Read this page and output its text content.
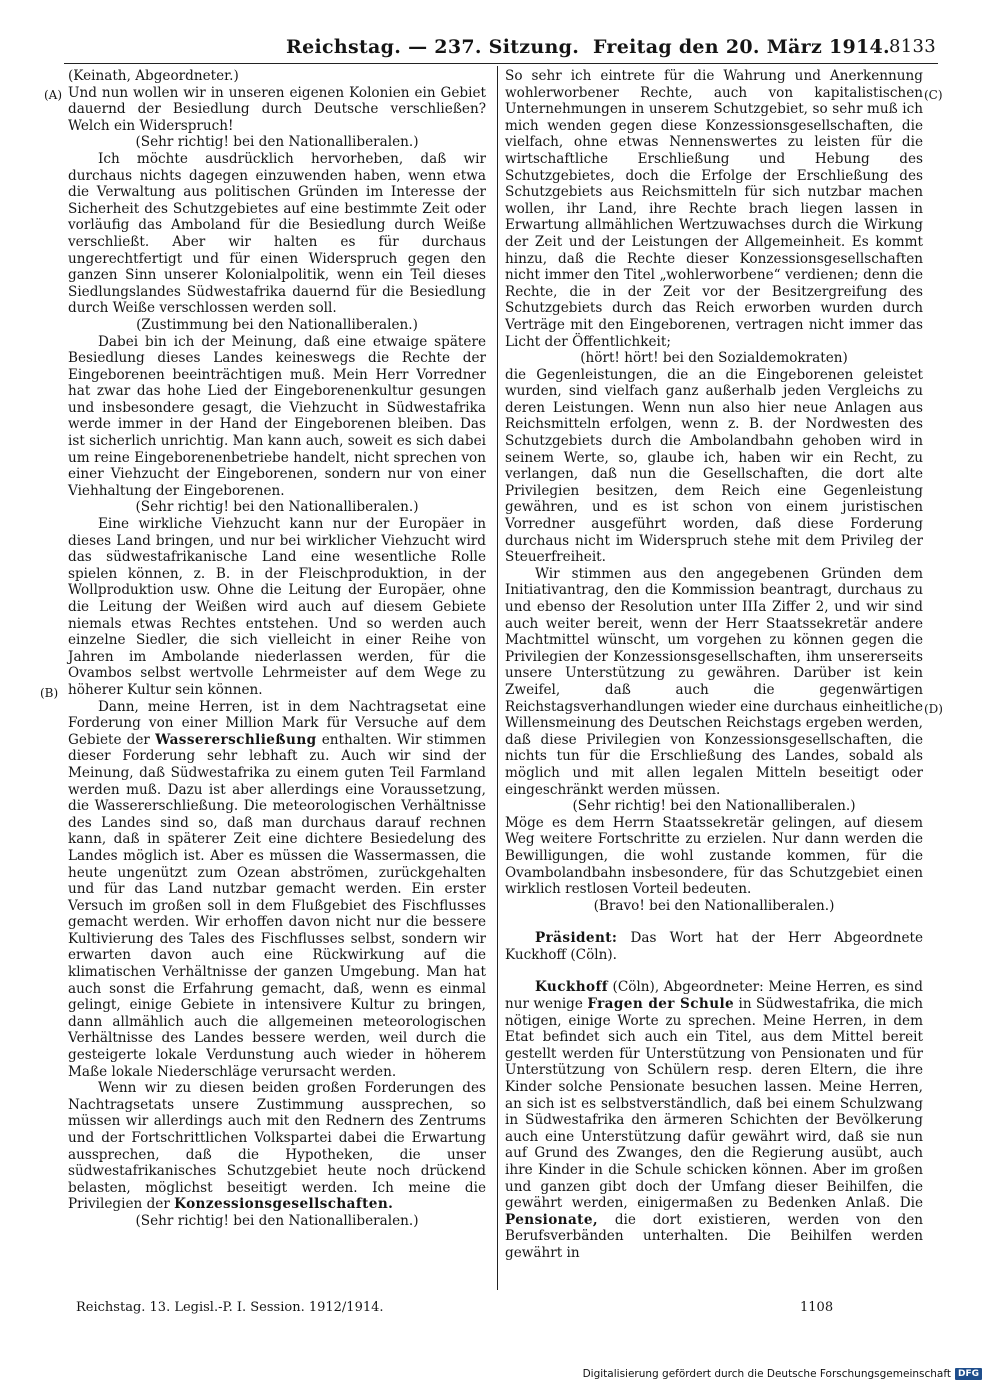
Reichstag. — 237. Sitzung. Freitag den 20. März 1914. 8133
(A)
(B)
(C)
(D)

(Keinath, Abgeordneter.)

Und nun wollen wir in unseren eigenen Kolonien ein Gebiet dauernd der Besiedlung durch Deutsche verschließen? Welch ein Widerspruch!

(Sehr richtig! bei den Nationalliberalen.)

Ich möchte ausdrücklich hervorheben, daß wir durchaus nichts dagegen einzuwenden haben, wenn etwa die Verwaltung aus politischen Gründen im Interesse der Sicherheit des Schutzgebietes auf eine bestimmte Zeit oder vorläufig das Amboland für die Besiedlung durch Weiße verschließt. Aber wir halten es für durchaus ungerechtfertigt und für einen Widerspruch gegen den ganzen Sinn unserer Kolonialpolitik, wenn ein Teil dieses Siedlungslandes Südwestafrika dauernd für die Besiedlung durch Weiße verschlossen werden soll.

(Zustimmung bei den Nationalliberalen.)

Dabei bin ich der Meinung, daß eine etwaige spätere Besiedlung dieses Landes keineswegs die Rechte der Eingeborenen beeinträchtigen muß. Mein Herr Vorredner hat zwar das hohe Lied der Eingeborenenkultur gesungen und insbesondere gesagt, die Viehzucht in Südwestafrika werde immer in der Hand der Eingeborenen bleiben. Das ist sicherlich unrichtig. Man kann auch, soweit es sich dabei um reine Eingeborenenbetriebe handelt, nicht sprechen von einer Viehzucht der Eingeborenen, sondern nur von einer Viehhaltung der Eingeborenen.

(Sehr richtig! bei den Nationalliberalen.)

Eine wirkliche Viehzucht kann nur der Europäer in dieses Land bringen, und nur bei wirklicher Viehzucht wird das südwestafrikanische Land eine wesentliche Rolle spielen können, z. B. in der Fleischproduktion, in der Wollproduktion usw. Ohne die Leitung der Europäer, ohne die Leitung der Weißen wird auch auf diesem Gebiete niemals etwas Rechtes entstehen. Und so werden auch einzelne Siedler, die sich vielleicht in einer Reihe von Jahren im Ambolande niederlassen werden, für die Ovambos selbst wertvolle Lehrmeister auf dem Wege zu höherer Kultur sein können.

Dann, meine Herren, ist in dem Nachtragsetat eine Forderung von einer Million Mark für Versuche auf dem Gebiete der Wassererschließung enthalten. Wir stimmen dieser Forderung sehr lebhaft zu. Auch wir sind der Meinung, daß Südwestafrika zu einem guten Teil Farmland werden muß. Dazu ist aber allerdings eine Voraussetzung, die Wassererschließung. Die meteorologischen Verhältnisse des Landes sind so, daß man durchaus darauf rechnen kann, daß in späterer Zeit eine dichtere Besiedelung des Landes möglich ist. Aber es müssen die Wassermassen, die heute ungenützt zum Ozean abströmen, zurückgehalten und für das Land nutzbar gemacht werden. Ein erster Versuch im großen soll in dem Flußgebiet des Fischflusses gemacht werden. Wir erhoffen davon nicht nur die bessere Kultivierung des Tales des Fischflusses selbst, sondern wir erwarten davon auch eine Rückwirkung auf die klimatischen Verhältnisse der ganzen Umgebung. Man hat auch sonst die Erfahrung gemacht, daß, wenn es einmal gelingt, einige Gebiete in intensivere Kultur zu bringen, dann allmählich auch die allgemeinen meteorologischen Verhältnisse des Landes bessere werden, weil durch die gesteigerte lokale Verdunstung auch wieder in höherem Maße lokale Niederschläge verursacht werden.

Wenn wir zu diesen beiden großen Forderungen des Nachtragsetats unsere Zustimmung aussprechen, so müssen wir allerdings auch mit den Rednern des Zentrums und der Fortschrittlichen Volkspartei dabei die Erwartung aussprechen, daß die Hypotheken, die unser südwestafrikanisches Schutzgebiet heute noch drückend belasten, möglichst beseitigt werden. Ich meine die Privilegien der Konzessionsgesellschaften.

(Sehr richtig! bei den Nationalliberalen.)

So sehr ich eintrete für die Wahrung und Anerkennung wohlerworbener Rechte, auch von kapitalistischen Unternehmungen in unserem Schutzgebiet, so sehr muß ich mich wenden gegen diese Konzessionsgesellschaften, die vielfach, ohne etwas Nennenswertes zu leisten für die wirtschaftliche Erschließung und Hebung des Schutzgebietes, doch die Erfolge der Erschließung des Schutzgebiets aus Reichsmitteln für sich nutzbar machen wollen, ihr Land, ihre Rechte brach liegen lassen in Erwartung allmählichen Wertzuwachses durch die Wirkung der Zeit und der Leistungen der Allgemeinheit. Es kommt hinzu, daß die Rechte dieser Konzessionsgesellschaften nicht immer den Titel „wohlerworbene“ verdienen; denn die Rechte, die in der Zeit vor der Besitzergreifung des Schutzgebiets durch das Reich erworben wurden durch Verträge mit den Eingeborenen, vertragen nicht immer das Licht der Öffentlichkeit;

(hört! hört! bei den Sozialdemokraten)

die Gegenleistungen, die an die Eingeborenen geleistet wurden, sind vielfach ganz außerhalb jeden Vergleichs zu deren Leistungen. Wenn nun also hier neue Anlagen aus Reichsmitteln erfolgen, wenn z. B. der Nordwesten des Schutzgebiets durch die Ambolandbahn gehoben wird in seinem Werte, so, glaube ich, haben wir ein Recht, zu verlangen, daß nun die Gesellschaften, die dort alte Privilegien besitzen, dem Reich eine Gegenleistung gewähren, und es ist schon von einem juristischen Vorredner ausgeführt worden, daß diese Forderung durchaus nicht im Widerspruch stehe mit dem Privileg der Steuerfreiheit.

Wir stimmen aus den angegebenen Gründen dem Initiativantrag, den die Kommission beantragt, durchaus zu und ebenso der Resolution unter IIIa Ziffer 2, und wir sind auch weiter bereit, wenn der Herr Staatssekretär andere Machtmittel wünscht, um vorgehen zu können gegen die Privilegien der Konzessionsgesellschaften, ihm unsererseits unsere Unterstützung zu gewähren. Darüber ist kein Zweifel, daß auch die gegenwärtigen Reichstagsverhandlungen wieder eine durchaus einheitliche Willensmeinung des Deutschen Reichstags ergeben werden, daß diese Privilegien von Konzessionsgesellschaften, die nichts tun für die Erschließung des Landes, sobald als möglich und mit allen legalen Mitteln beseitigt oder eingeschränkt werden müssen.

(Sehr richtig! bei den Nationalliberalen.)

Möge es dem Herrn Staatssekretär gelingen, auf diesem Weg weitere Fortschritte zu erzielen. Nur dann werden die Bewilligungen, die wohl zustande kommen, für die Ovambolandbahn insbesondere, für das Schutzgebiet einen wirklich restlosen Vorteil bedeuten.

(Bravo! bei den Nationalliberalen.)

Präsident: Das Wort hat der Herr Abgeordnete Kuckhoff (Cöln).

Kuckhoff (Cöln), Abgeordneter: Meine Herren, es sind nur wenige Fragen der Schule in Südwestafrika, die mich nötigen, einige Worte zu sprechen. Meine Herren, in dem Etat befindet sich auch ein Titel, aus dem Mittel bereit gestellt werden für Unterstützung von Pensionaten und für Unterstützung von Schülern resp. deren Eltern, die ihre Kinder solche Pensionate besuchen lassen. Meine Herren, an sich ist es selbstverständlich, daß bei einem Schulzwang in Südwestafrika den ärmeren Schichten der Bevölkerung auch eine Unterstützung dafür gewährt wird, daß sie nun auf Grund des Zwanges, den die Regierung ausübt, auch ihre Kinder in die Schule schicken können. Aber im großen und ganzen gibt doch der Umfang dieser Beihilfen, die gewährt werden, einigermaßen zu Bedenken Anlaß. Die Pensionate, die dort existieren, werden von den Berufsverbänden unterhalten. Die Beihilfen werden gewährt in

Reichstag. 13. Legisl.-P. I. Session. 1912/1914.	1108
Digitalisierung gefördert durch die Deutsche Forschungsgemeinschaft DFG
